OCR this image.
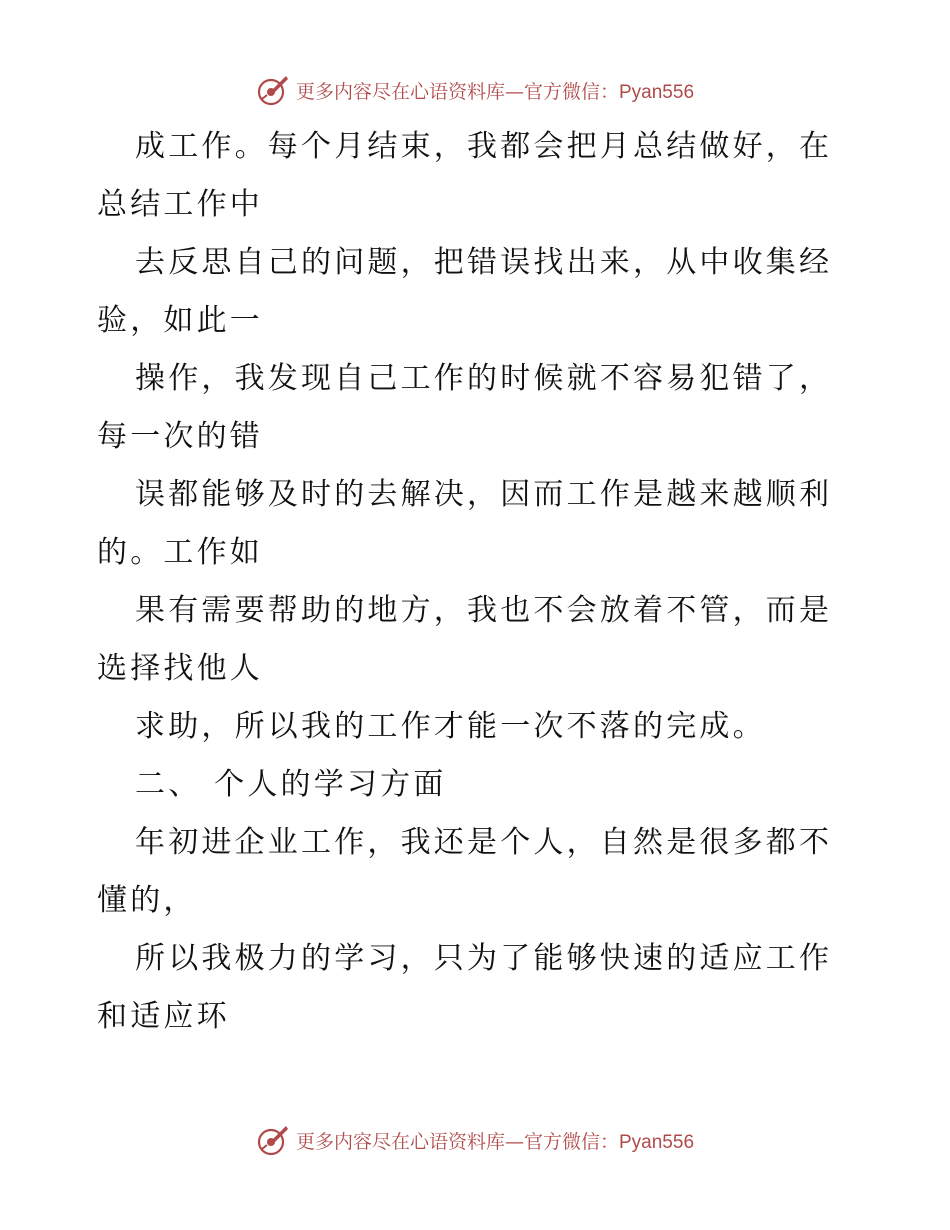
更多内容尽在心语资料库—官方微信：Pyan556

成工作。每个月结束，我都会把月总结做好，在总结工作中

去反思自己的问题，把错误找出来，从中收集经验，如此一

操作，我发现自己工作的时候就不容易犯错了，每一次的错

误都能够及时的去解决，因而工作是越来越顺利的。工作如

果有需要帮助的地方，我也不会放着不管，而是选择找他人

求助，所以我的工作才能一次不落的完成。

二、 个人的学习方面

年初进企业工作，我还是个人，自然是很多都不懂的，

所以我极力的学习，只为了能够快速的适应工作和适应环

更多内容尽在心语资料库—官方微信：Pyan556
